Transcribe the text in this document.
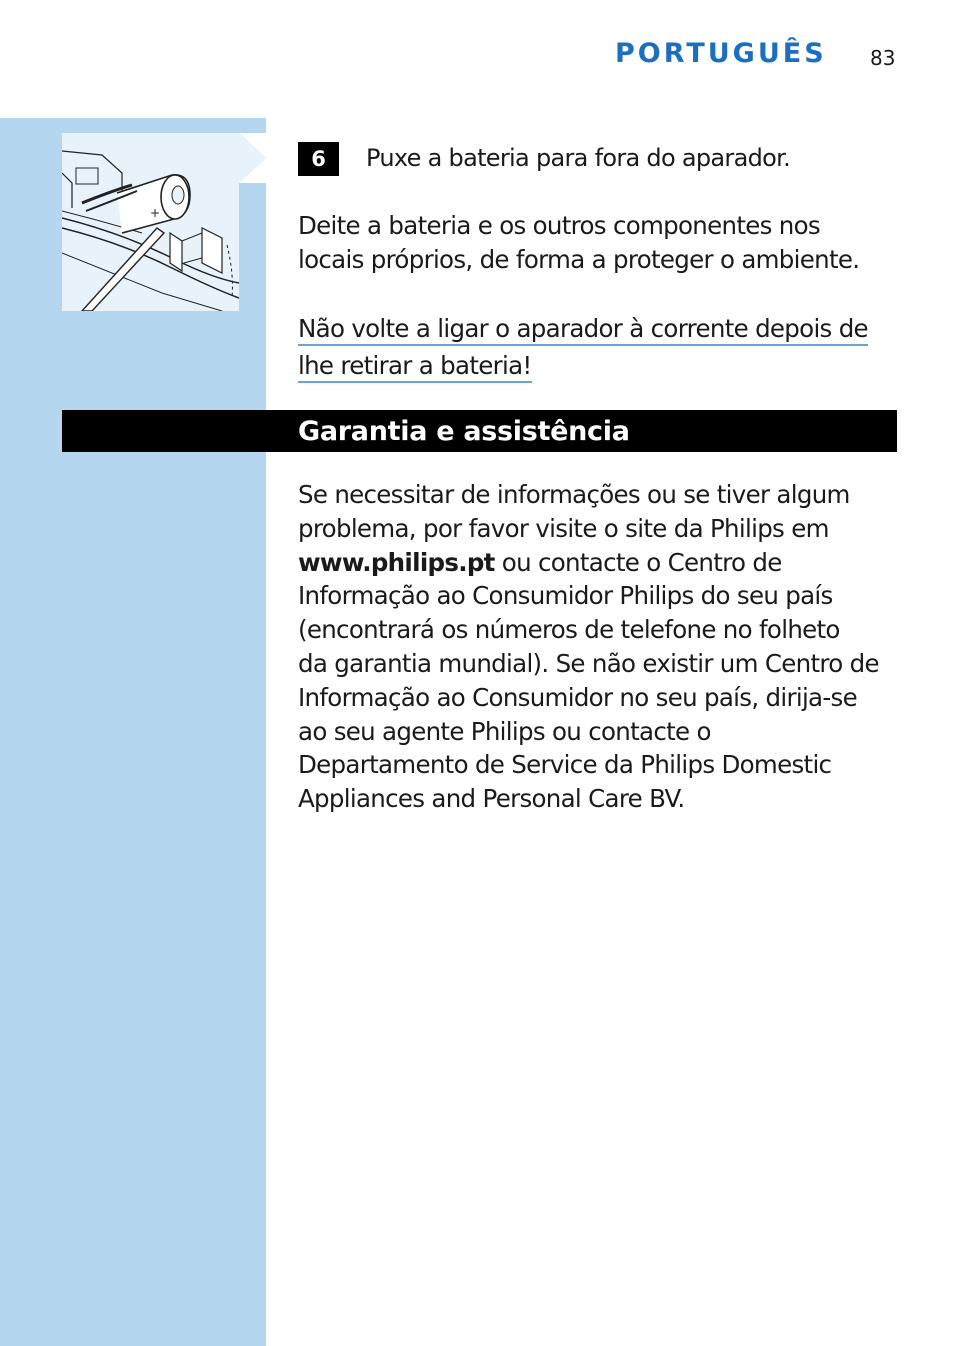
PORTUGUÊS 83
+
6	Puxe a bateria para fora do aparador.

Deite a bateria e os outros componentes nos
locais próprios, de forma a proteger o ambiente.

Não volte a ligar o aparador à corrente depois de
lhe retirar a bateria!

Garantia e assistência

Se necessitar de informações ou se tiver algum
problema, por favor visite o site da Philips em
www.philips.pt ou contacte o Centro de
Informação ao Consumidor Philips do seu país
(encontrará os números de telefone no folheto
da garantia mundial). Se não existir um Centro de
Informação ao Consumidor no seu país, dirija-se
ao seu agente Philips ou contacte o
Departamento de Service da Philips Domestic
Appliances and Personal Care BV.
